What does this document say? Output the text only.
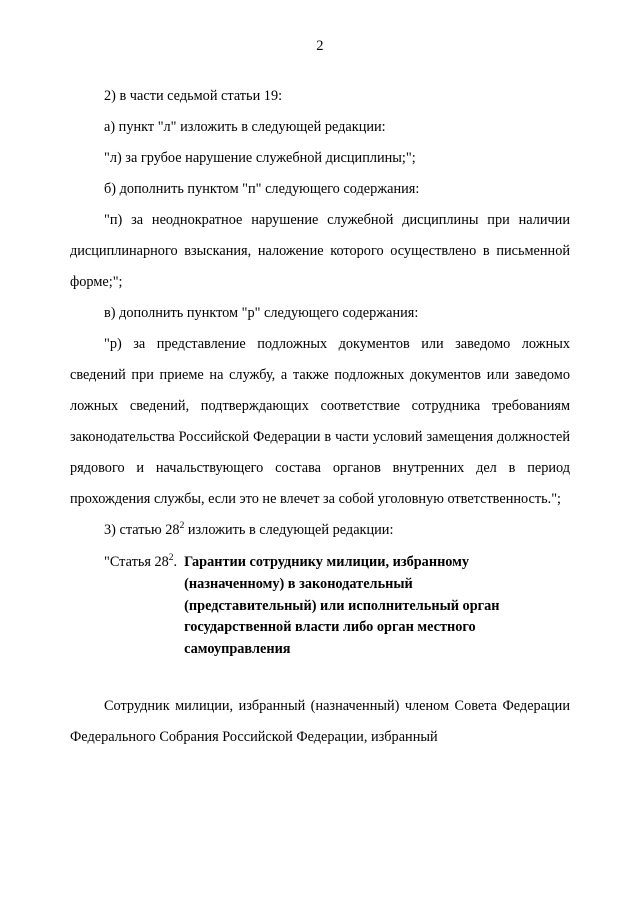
2

2) в части седьмой статьи 19:

а) пункт "л" изложить в следующей редакции:

"л) за грубое нарушение служебной дисциплины;";

б) дополнить пунктом "п" следующего содержания:

"п) за неоднократное нарушение служебной дисциплины при наличии дисциплинарного взыскания, наложение которого осуществлено в письменной форме;";

в) дополнить пунктом "р" следующего содержания:

"р) за представление подложных документов или заведомо ложных сведений при приеме на службу, а также подложных документов или заведомо ложных сведений, подтверждающих соответствие сотрудника требованиям законодательства Российской Федерации в части условий замещения должностей рядового и начальствующего состава органов внутренних дел в период прохождения службы, если это не влечет за собой уголовную ответственность.";

3) статью $28^2$ изложить в следующей редакции:

"Статья $28^2$. Гарантии сотруднику милиции, избранному (назначенному) в законодательный (представительный) или исполнительный орган государственной власти либо орган местного самоуправления

Сотрудник милиции, избранный (назначенный) членом Совета Федерации Федерального Собрания Российской Федерации, избранный
